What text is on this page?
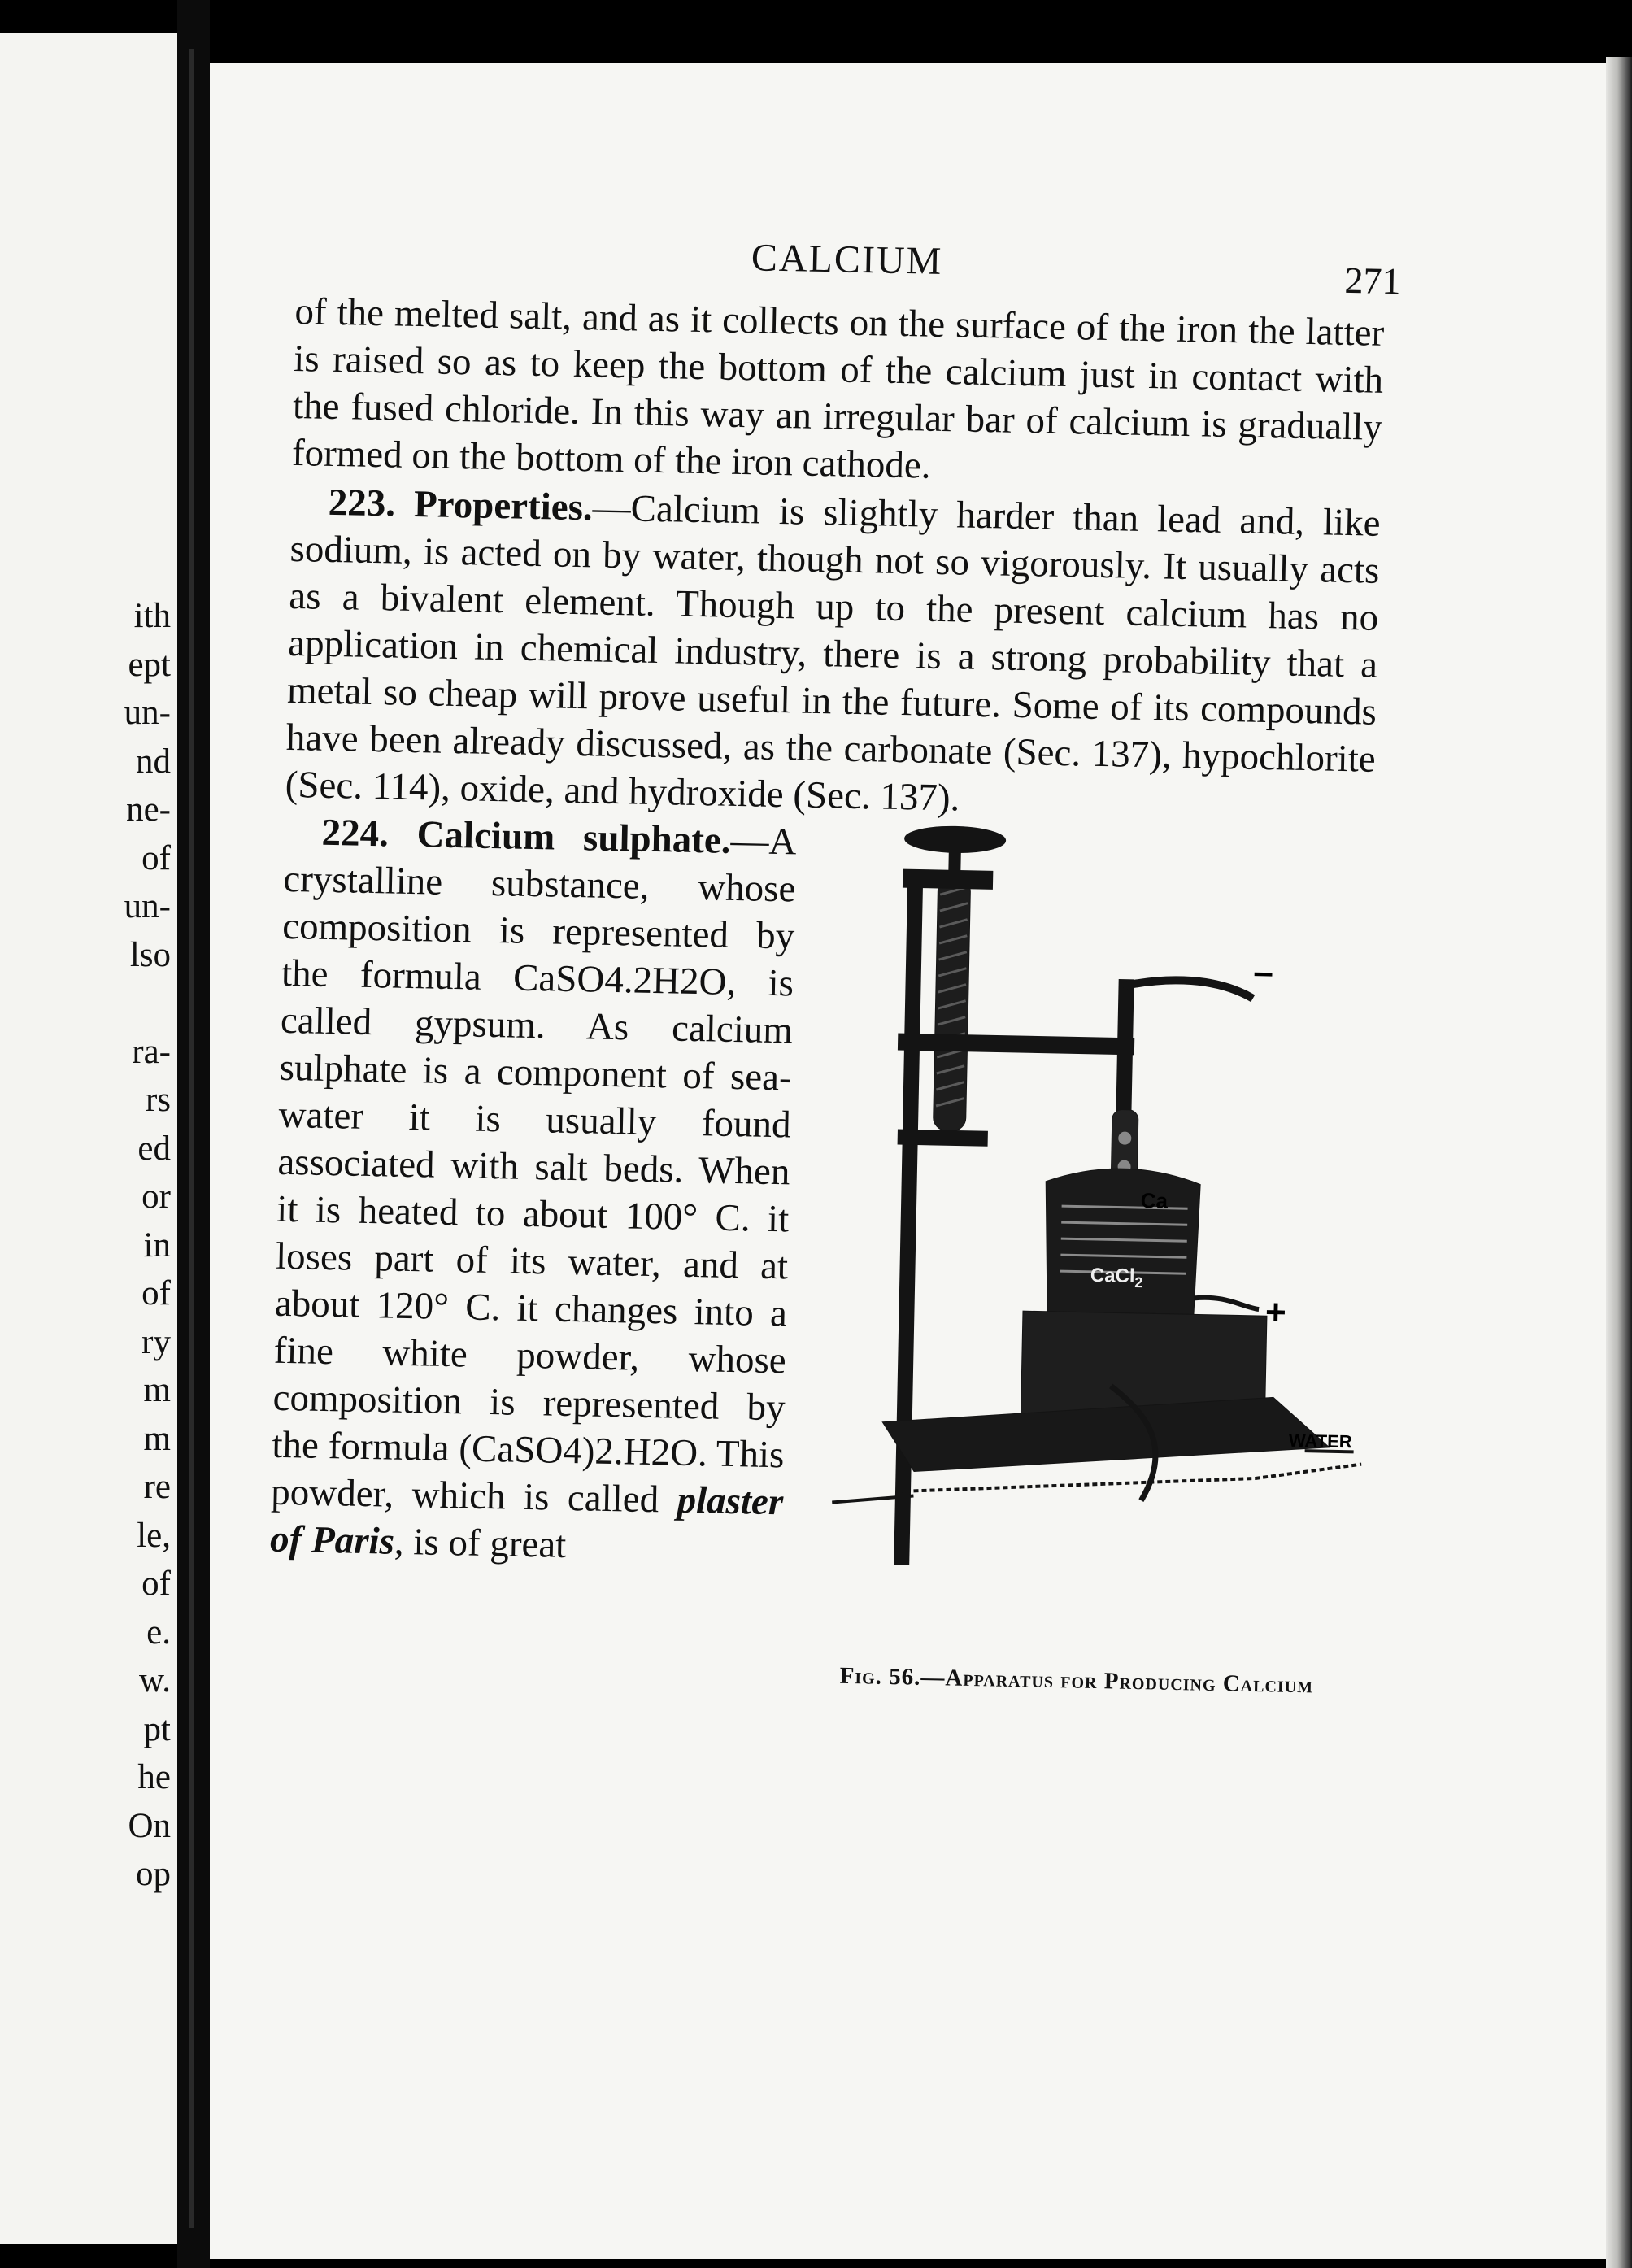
ith
ept
un-
nd
ne-
of
un-
lso

ra-
rs
ed
or
in
of
ry
m
m
re
le,
of
e.
w.
pt
he
On
op
CALCIUM	271

of the melted salt, and as it collects on the surface of the iron the latter is raised so as to keep the bottom of the calcium just in contact with the fused chloride. In this way an irregular bar of calcium is gradually formed on the bottom of the iron cathode.

223. Properties.—Calcium is slightly harder than lead and, like sodium, is acted on by water, though not so vigorously. It usually acts as a bivalent element. Though up to the present calcium has no application in chemical industry, there is a strong probability that a metal so cheap will prove useful in the future. Some of its compounds have been already discussed, as the carbonate (Sec. 137), hypochlorite (Sec. 114), oxide, and hydroxide (Sec. 137).

–
Ca
CaCl$_2$
+
WATER
Fig. 56.—Apparatus for Producing Calcium

224. Calcium sulphate.—A crystalline substance, whose composition is represented by the formula CaSO4.2H2O, is called gypsum. As calcium sulphate is a component of sea-water it is usually found associated with salt beds. When it is heated to about 100° C. it loses part of its water, and at about 120° C. it changes into a fine white powder, whose composition is represented by the formula (CaSO4)2.H2O. This powder, which is called plaster of Paris, is of great
